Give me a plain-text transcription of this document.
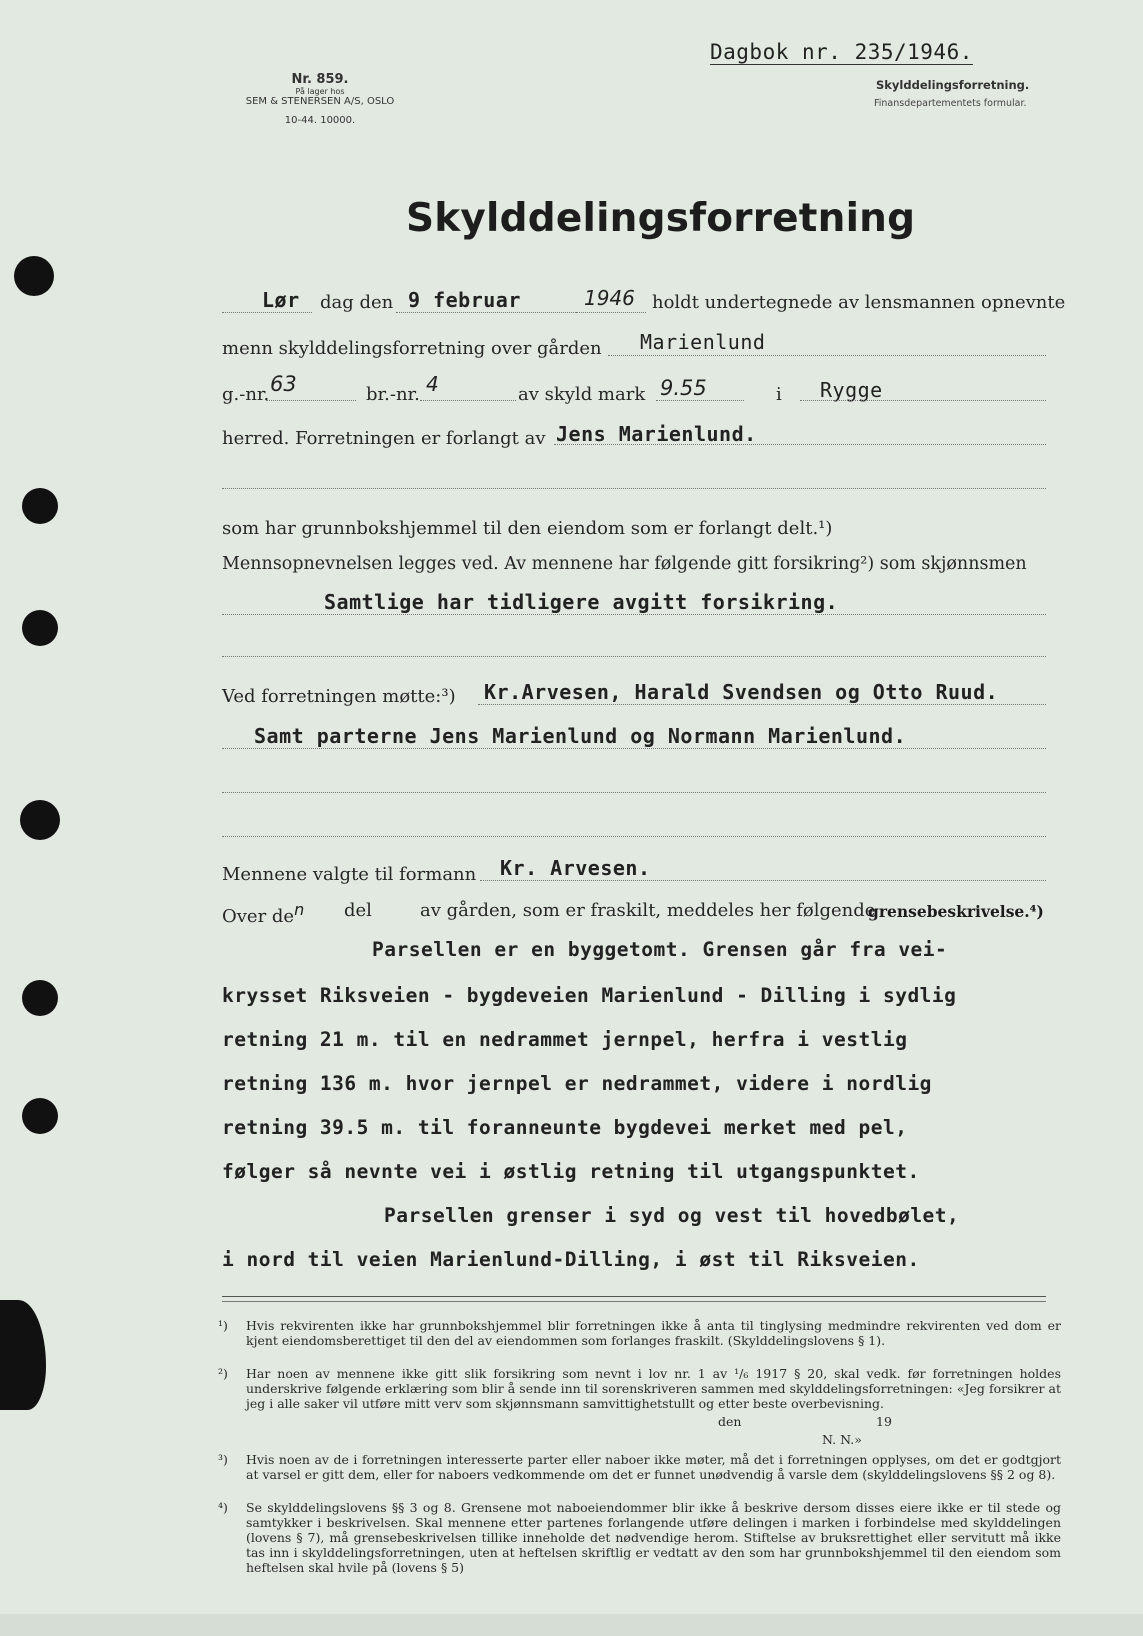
Nr. 859.
På lager hos
SEM & STENERSEN A/S, OSLO
10-44. 10000.
Dagbok nr. 235/1946.
Skylddelingsforretning.
Finansdepartementets formular.
Skylddelingsforretning
Lør dag den 9 februar	1946 holdt undertegnede av lensmannen opnevnte
menn skylddelingsforretning over gården Marienlund
g.-nr. 63	br.-nr. 4	av skyld mark 9.55	i Rygge
herred. Forretningen er forlangt av Jens Marienlund.
som har grunnbokshjemmel til den eiendom som er forlangt delt.¹)
Mennsopnevnelsen legges ved. Av mennene har følgende gitt forsikring²) som skjønnsmen
Samtlige har tidligere avgitt forsikring.
Ved forretningen møtte:³) Kr.Arvesen, Harald Svendsen og Otto Ruud.
Samt parterne Jens Marienlund og Normann Marienlund.
Mennene valgte til formann Kr. Arvesen.
Over $de^n$ del	av gården, som er fraskilt, meddeles her følgende
grensebeskrivelse.⁴)
Parsellen er en byggetomt. Grensen går fra vei-
krysset Riksveien - bygdeveien Marienlund - Dilling i sydlig
retning 21 m. til en nedrammet jernpel, herfra i vestlig
retning 136 m. hvor jernpel er nedrammet, videre i nordlig
retning 39.5 m. til foranneunte bygdevei merket med pel,
følger så nevnte vei i østlig retning til utgangspunktet.
Parsellen grenser i syd og vest til hovedbølet,
i nord til veien Marienlund-Dilling, i øst til Riksveien.
¹) Hvis rekvirenten ikke har grunnbokshjemmel blir forretningen ikke å anta til tinglysing medmindre rekvirenten ved dom er kjent eiendomsberettiget til den del av eiendommen som forlanges fraskilt. (Skylddelingslovens § 1).
²) Har noen av mennene ikke gitt slik forsikring som nevnt i lov nr. 1 av ¹/₆ 1917 § 20, skal vedk. før forretningen holdes underskrive følgende erklæring som blir å sende inn til sorenskriveren sammen med skylddelingsforretningen: «Jeg forsikrer at jeg i alle saker vil utføre mitt verv som skjønnsmann samvittighetstullt og etter beste overbevisning.
den	19
N. N.»
³) Hvis noen av de i forretningen interesserte parter eller naboer ikke møter, må det i forretningen opplyses, om det er godtgjort at varsel er gitt dem, eller for naboers vedkommende om det er funnet unødvendig å varsle dem (skylddelingslovens §§ 2 og 8).
⁴) Se skylddelingslovens §§ 3 og 8. Grensene mot naboeiendommer blir ikke å beskrive dersom disses eiere ikke er til stede og samtykker i beskrivelsen. Skal mennene etter partenes forlangende utføre delingen i marken i forbindelse med skylddelingen (lovens § 7), må grensebeskrivelsen tillike inneholde det nødvendige herom. Stiftelse av bruksrettighet eller servitutt må ikke tas inn i skylddelingsforretningen, uten at heftelsen skriftlig er vedtatt av den som har grunnbokshjemmel til den eiendom som heftelsen skal hvile på (lovens § 5)
